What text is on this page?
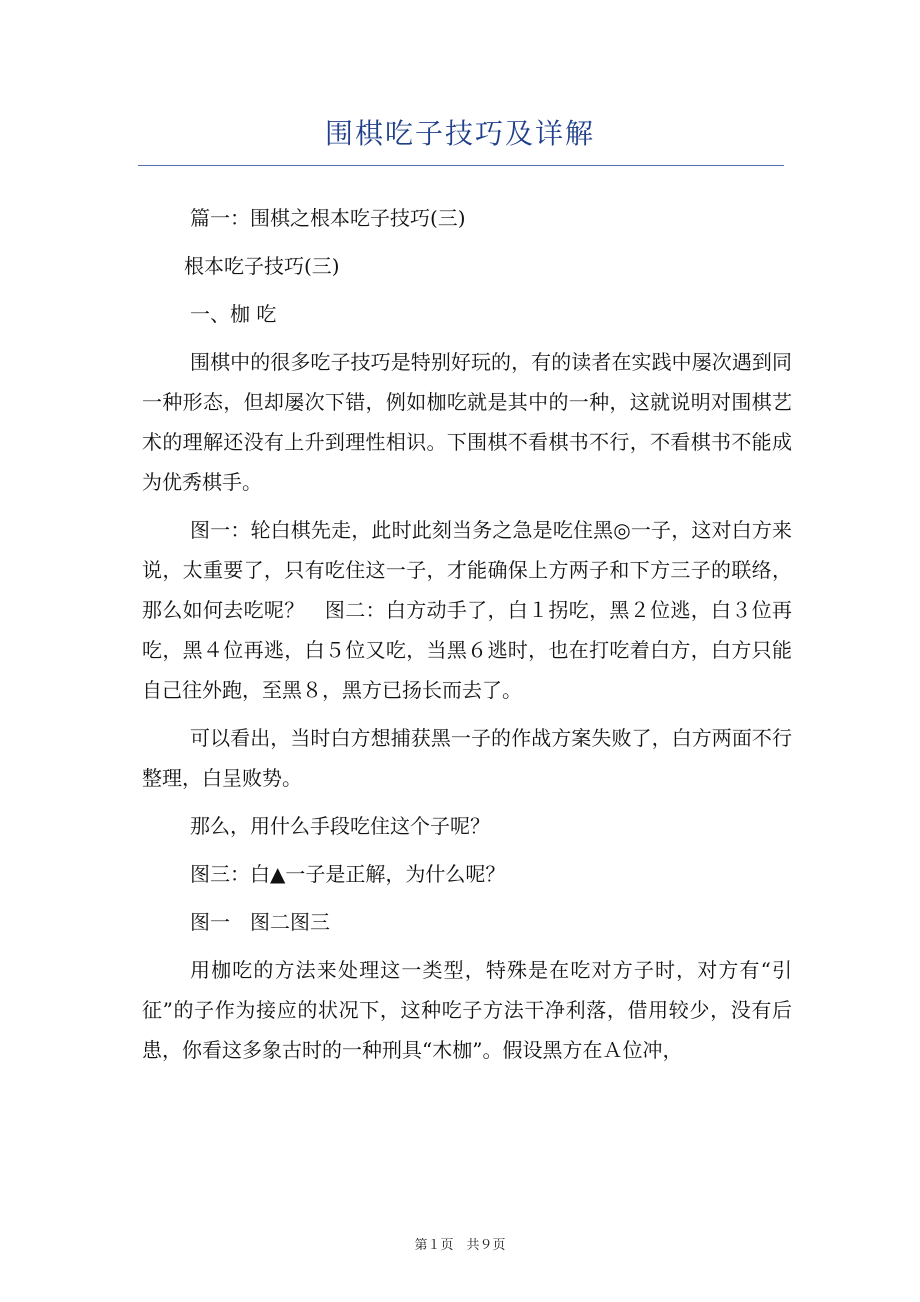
围棋吃子技巧及详解

篇一：围棋之根本吃子技巧(三)

根本吃子技巧(三)

一、枷 吃

围棋中的很多吃子技巧是特别好玩的，有的读者在实践中屡次遇到同一种形态，但却屡次下错，例如枷吃就是其中的一种，这就说明对围棋艺术的理解还没有上升到理性相识。下围棋不看棋书不行，不看棋书不能成为优秀棋手。

图一：轮白棋先走，此时此刻当务之急是吃住黑◎一子，这对白方来说，太重要了，只有吃住这一子，才能确保上方两子和下方三子的联络，那么如何去吃呢？　图二：白方动手了，白１拐吃，黑２位逃，白３位再吃，黑４位再逃，白５位又吃，当黑６逃时，也在打吃着白方，白方只能自己往外跑，至黑８，黑方已扬长而去了。

可以看出，当时白方想捕获黑一子的作战方案失败了，白方两面不行整理，白呈败势。

那么，用什么手段吃住这个子呢？

图三：白▲一子是正解，为什么呢？

图一　图二图三

用枷吃的方法来处理这一类型，特殊是在吃对方子时，对方有“引征”的子作为接应的状况下，这种吃子方法干净利落，借用较少，没有后患，你看这多象古时的一种刑具“木枷”。假设黑方在Ａ位冲，

第１页　共９页
